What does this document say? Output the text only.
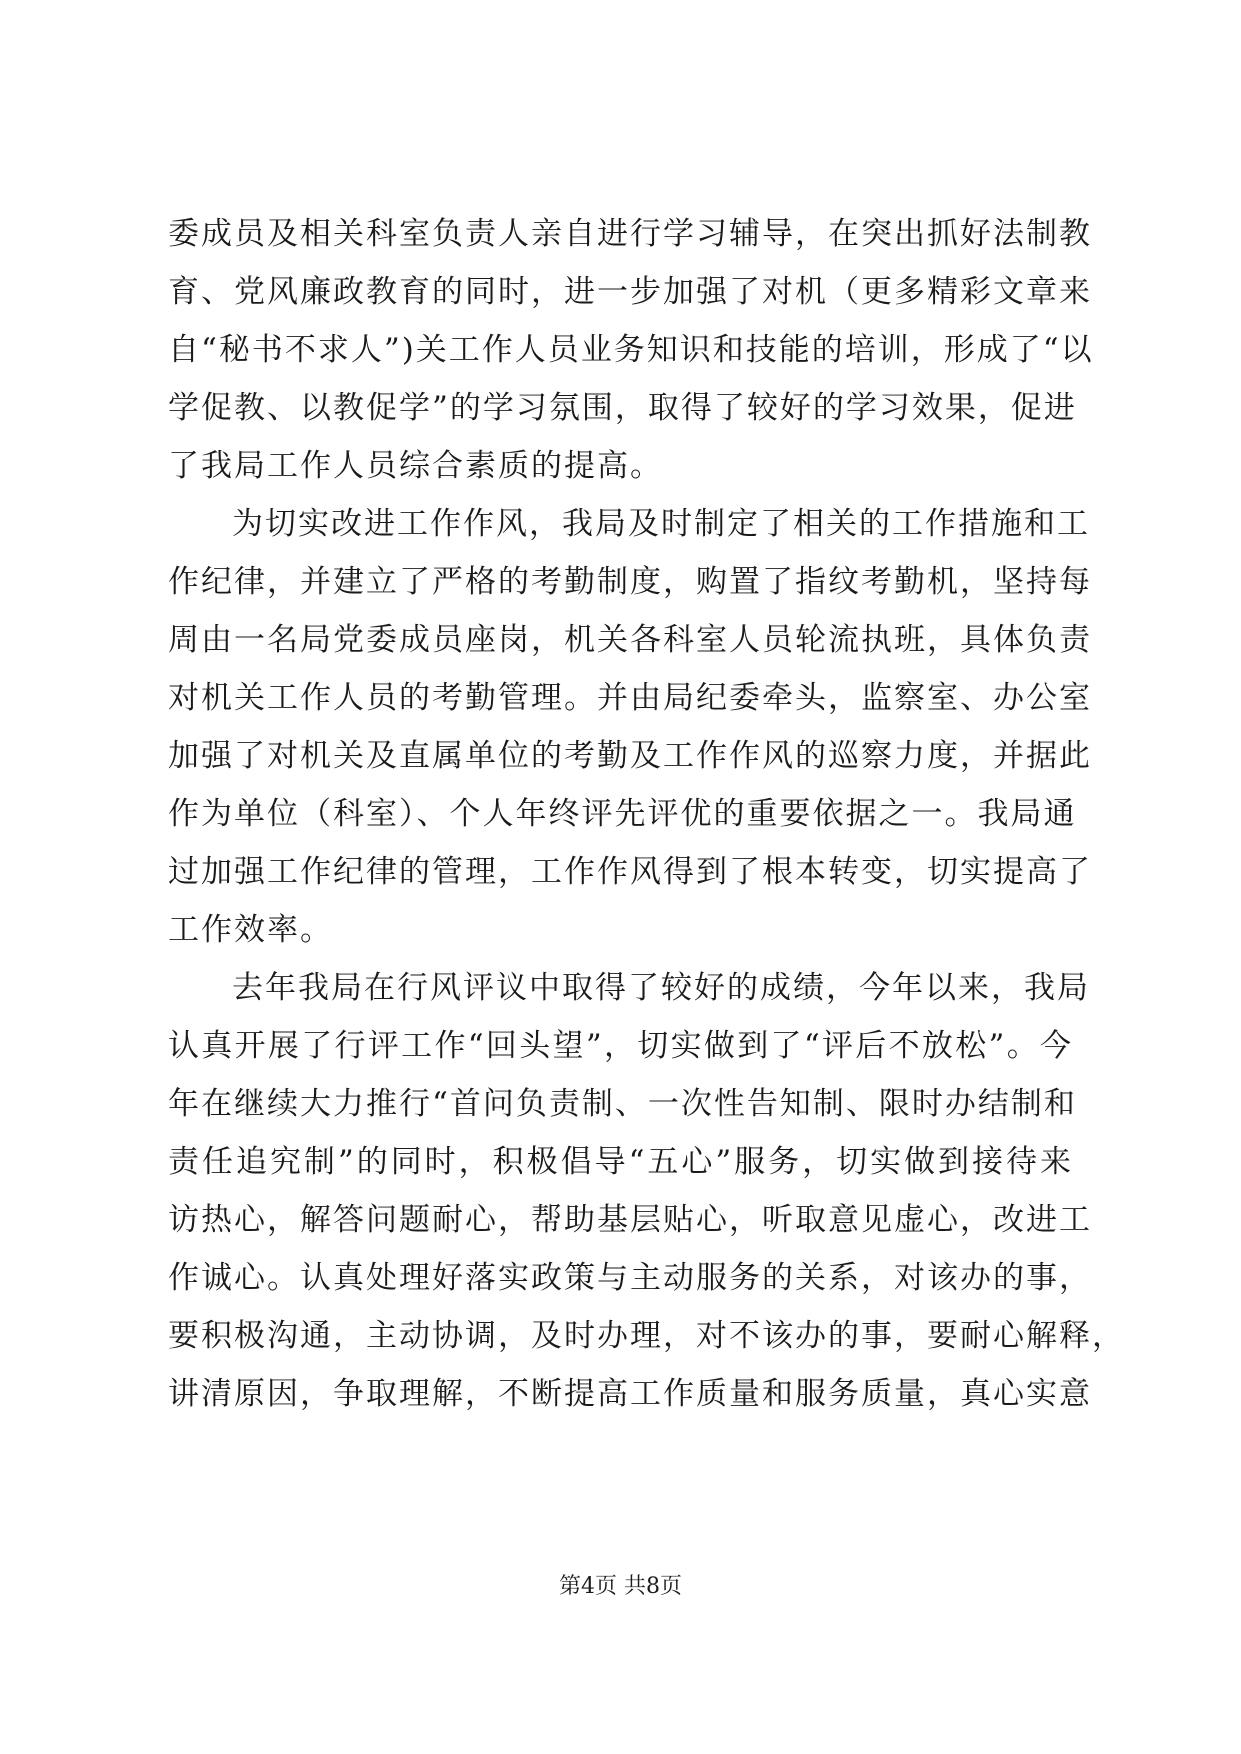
委成员及相关科室负责人亲自进行学习辅导，在突出抓好法制教
育、党风廉政教育的同时，进一步加强了对机（更多精彩文章来
自“秘书不求人”)关工作人员业务知识和技能的培训，形成了“以
学促教、以教促学”的学习氛围，取得了较好的学习效果，促进
了我局工作人员综合素质的提高。
为切实改进工作作风，我局及时制定了相关的工作措施和工
作纪律，并建立了严格的考勤制度，购置了指纹考勤机，坚持每
周由一名局党委成员座岗，机关各科室人员轮流执班，具体负责
对机关工作人员的考勤管理。并由局纪委牵头，监察室、办公室
加强了对机关及直属单位的考勤及工作作风的巡察力度，并据此
作为单位（科室）、个人年终评先评优的重要依据之一。我局通
过加强工作纪律的管理，工作作风得到了根本转变，切实提高了
工作效率。
去年我局在行风评议中取得了较好的成绩，今年以来，我局
认真开展了行评工作“回头望”，切实做到了“评后不放松”。今
年在继续大力推行“首问负责制、一次性告知制、限时办结制和
责任追究制”的同时，积极倡导“五心”服务，切实做到接待来
访热心，解答问题耐心，帮助基层贴心，听取意见虚心，改进工
作诚心。认真处理好落实政策与主动服务的关系，对该办的事，
要积极沟通，主动协调，及时办理，对不该办的事，要耐心解释，
讲清原因，争取理解，不断提高工作质量和服务质量，真心实意
第4页 共8页
